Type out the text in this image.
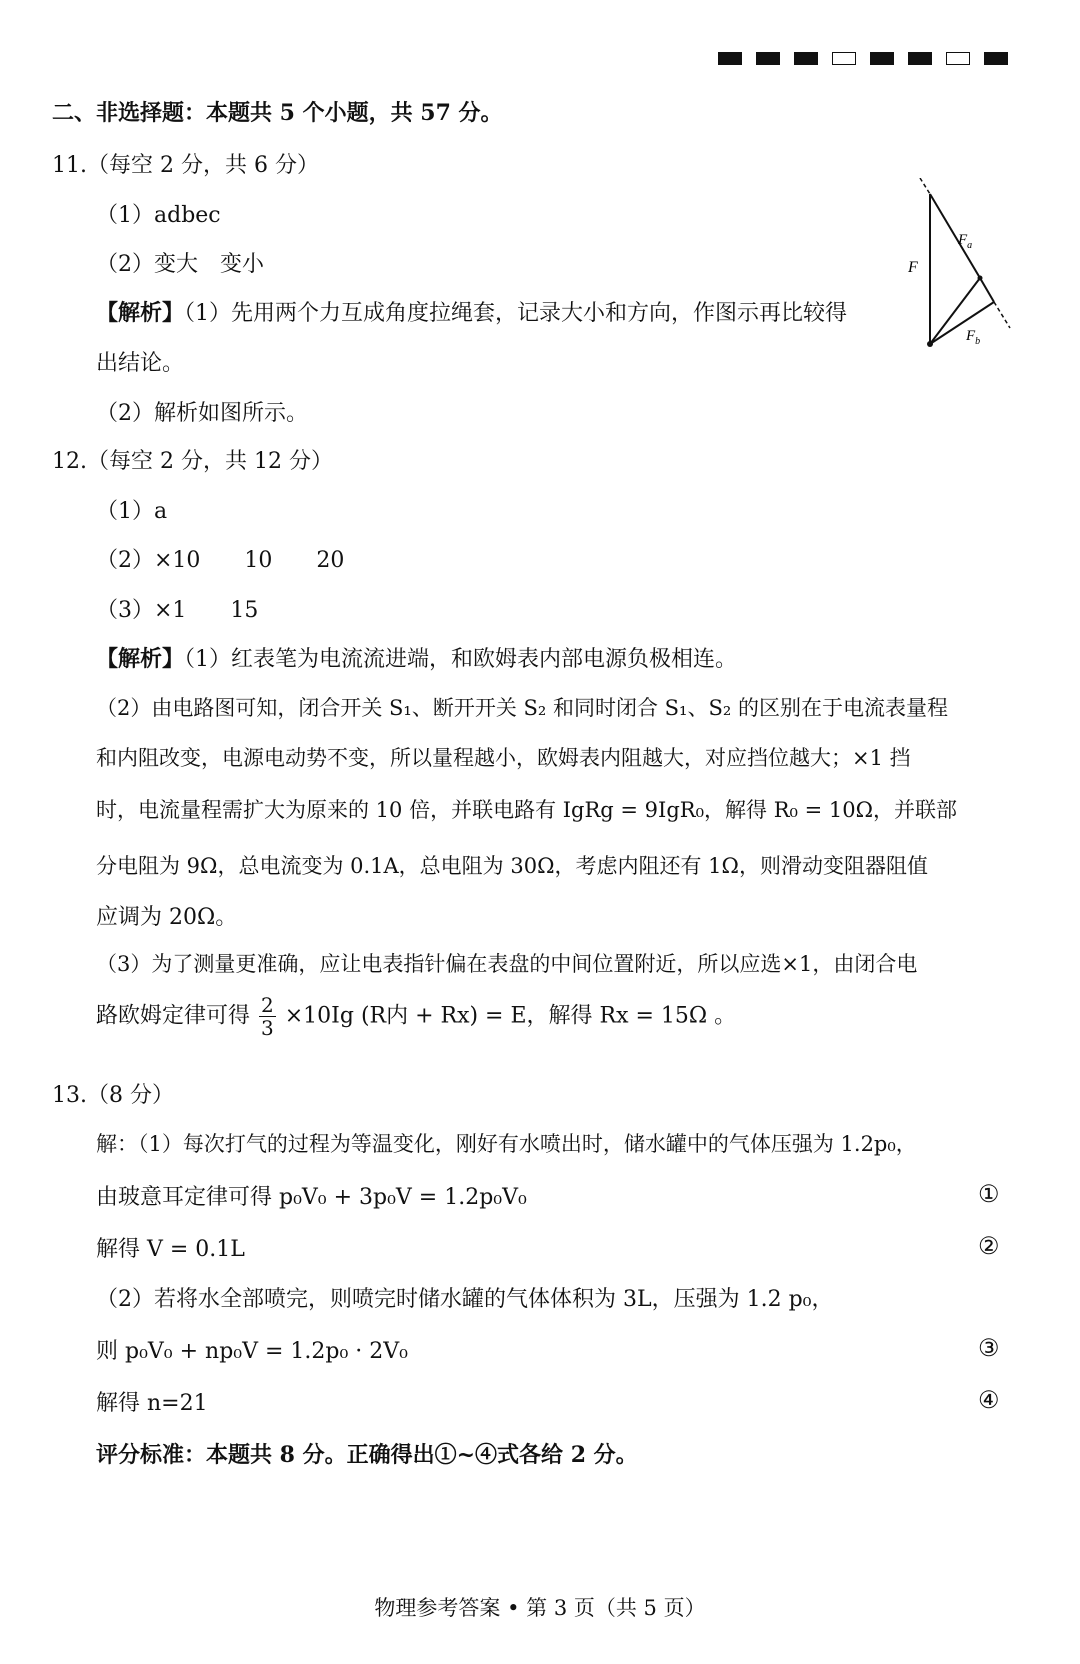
二、非选择题：本题共 5 个小题，共 57 分。
11.（每空 2 分，共 6 分）
（1）adbec
（2）变大　变小
【解析】（1）先用两个力互成角度拉绳套，记录大小和方向，作图示再比较得
出结论。
（2）解析如图所示。
F
$F_a$
$F_b$
12.（每空 2 分，共 12 分）
（1）a
（2）×10　　10　　20
（3）×1　　15
【解析】（1）红表笔为电流流进端，和欧姆表内部电源负极相连。
（2）由电路图可知，闭合开关 S₁、断开开关 S₂ 和同时闭合 S₁、S₂ 的区别在于电流表量程
和内阻改变，电源电动势不变，所以量程越小，欧姆表内阻越大，对应挡位越大；×1 挡
时，电流量程需扩大为原来的 10 倍，并联电路有 IgRg = 9IgR₀，解得 R₀ = 10Ω，并联部
分电阻为 9Ω，总电流变为 0.1A，总电阻为 30Ω，考虑内阻还有 1Ω，则滑动变阻器阻值
应调为 20Ω。
（3）为了测量更准确，应让电表指针偏在表盘的中间位置附近，所以应选×1，由闭合电
路欧姆定律可得 $\frac{2}{3} \times 10Ig$ (R内 + Rx) = E，解得 Rx = 15Ω 。
13.（8 分）
解：（1）每次打气的过程为等温变化，刚好有水喷出时，储水罐中的气体压强为 1.2p₀，
由玻意耳定律可得 p₀V₀ + 3p₀V = 1.2p₀V₀	①
解得 V = 0.1L	②
（2）若将水全部喷完，则喷完时储水罐的气体体积为 3L，压强为 1.2 p₀，
则 p₀V₀ + np₀V = 1.2p₀ · 2V₀	③
解得 n=21	④
评分标准：本题共 8 分。正确得出①~④式各给 2 分。
物理参考答案 • 第 3 页（共 5 页）
